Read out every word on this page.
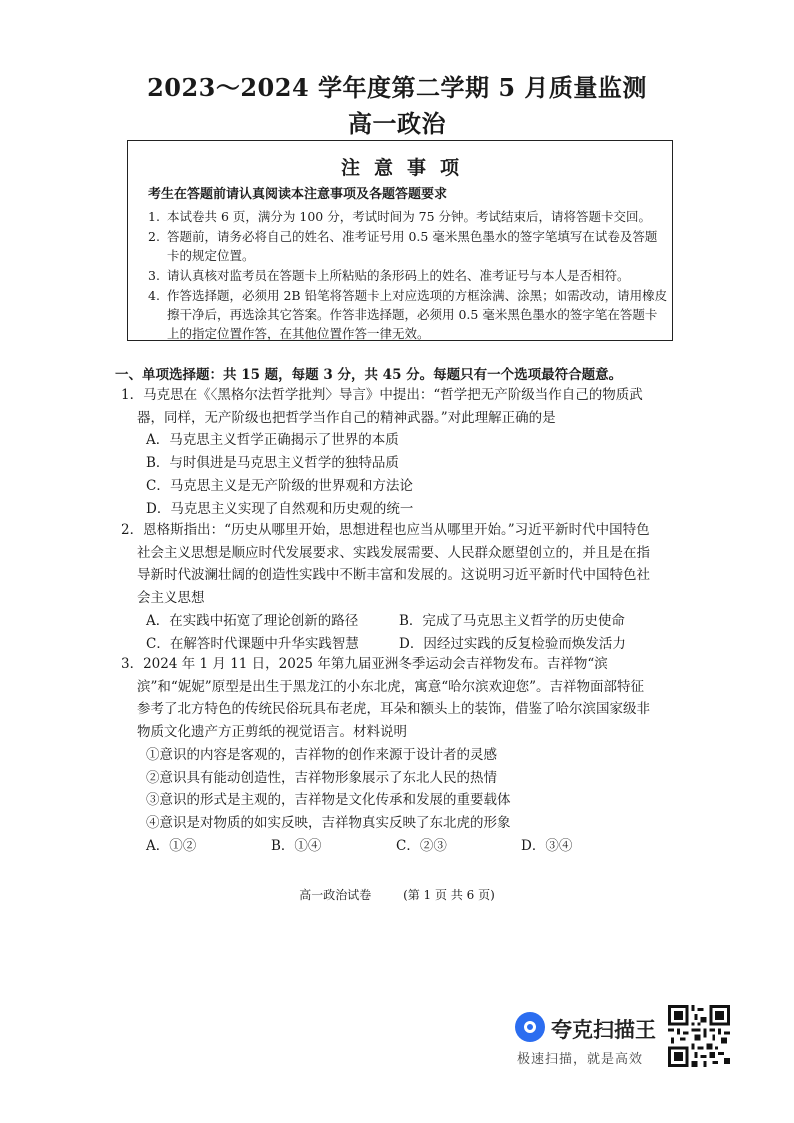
2023～2024 学年度第二学期 5 月质量监测
高一政治
注意事项
考生在答题前请认真阅读本注意事项及各题答题要求
1. 本试卷共 6 页，满分为 100 分，考试时间为 75 分钟。考试结束后，请将答题卡交回。
2. 答题前，请务必将自己的姓名、准考证号用 0.5 毫米黑色墨水的签字笔填写在试卷及答题卡的规定位置。
3. 请认真核对监考员在答题卡上所粘贴的条形码上的姓名、准考证号与本人是否相符。
4. 作答选择题，必须用 2B 铅笔将答题卡上对应选项的方框涂满、涂黑；如需改动，请用橡皮擦干净后，再选涂其它答案。作答非选择题，必须用 0.5 毫米黑色墨水的签字笔在答题卡上的指定位置作答，在其他位置作答一律无效。
一、单项选择题：共 15 题，每题 3 分，共 45 分。每题只有一个选项最符合题意。
1．马克思在《〈黑格尔法哲学批判〉导言》中提出：“哲学把无产阶级当作自己的物质武器，同样，无产阶级也把哲学当作自己的精神武器。”对此理解正确的是
A．马克思主义哲学正确揭示了世界的本质
B．与时俱进是马克思主义哲学的独特品质
C．马克思主义是无产阶级的世界观和方法论
D．马克思主义实现了自然观和历史观的统一
2．恩格斯指出：“历史从哪里开始，思想进程也应当从哪里开始。”习近平新时代中国特色社会主义思想是顺应时代发展要求、实践发展需要、人民群众愿望创立的，并且是在指导新时代波澜壮阔的创造性实践中不断丰富和发展的。这说明习近平新时代中国特色社会主义思想
A．在实践中拓宽了理论创新的路径	B．完成了马克思主义哲学的历史使命
C．在解答时代课题中升华实践智慧	D．因经过实践的反复检验而焕发活力
3．2024 年 1 月 11 日，2025 年第九届亚洲冬季运动会吉祥物发布。吉祥物“滨滨”和“妮妮”原型是出生于黑龙江的小东北虎，寓意“哈尔滨欢迎您”。吉祥物面部特征参考了北方特色的传统民俗玩具布老虎，耳朵和额头上的装饰，借鉴了哈尔滨国家级非物质文化遗产方正剪纸的视觉语言。材料说明
①意识的内容是客观的，吉祥物的创作来源于设计者的灵感
②意识具有能动创造性，吉祥物形象展示了东北人民的热情
③意识的形式是主观的，吉祥物是文化传承和发展的重要载体
④意识是对物质的如实反映，吉祥物真实反映了东北虎的形象
A．①②	B．①④	C．②③	D．③④
高一政治试卷	(第 1 页 共 6 页)
夸克扫描王
极速扫描，就是高效
